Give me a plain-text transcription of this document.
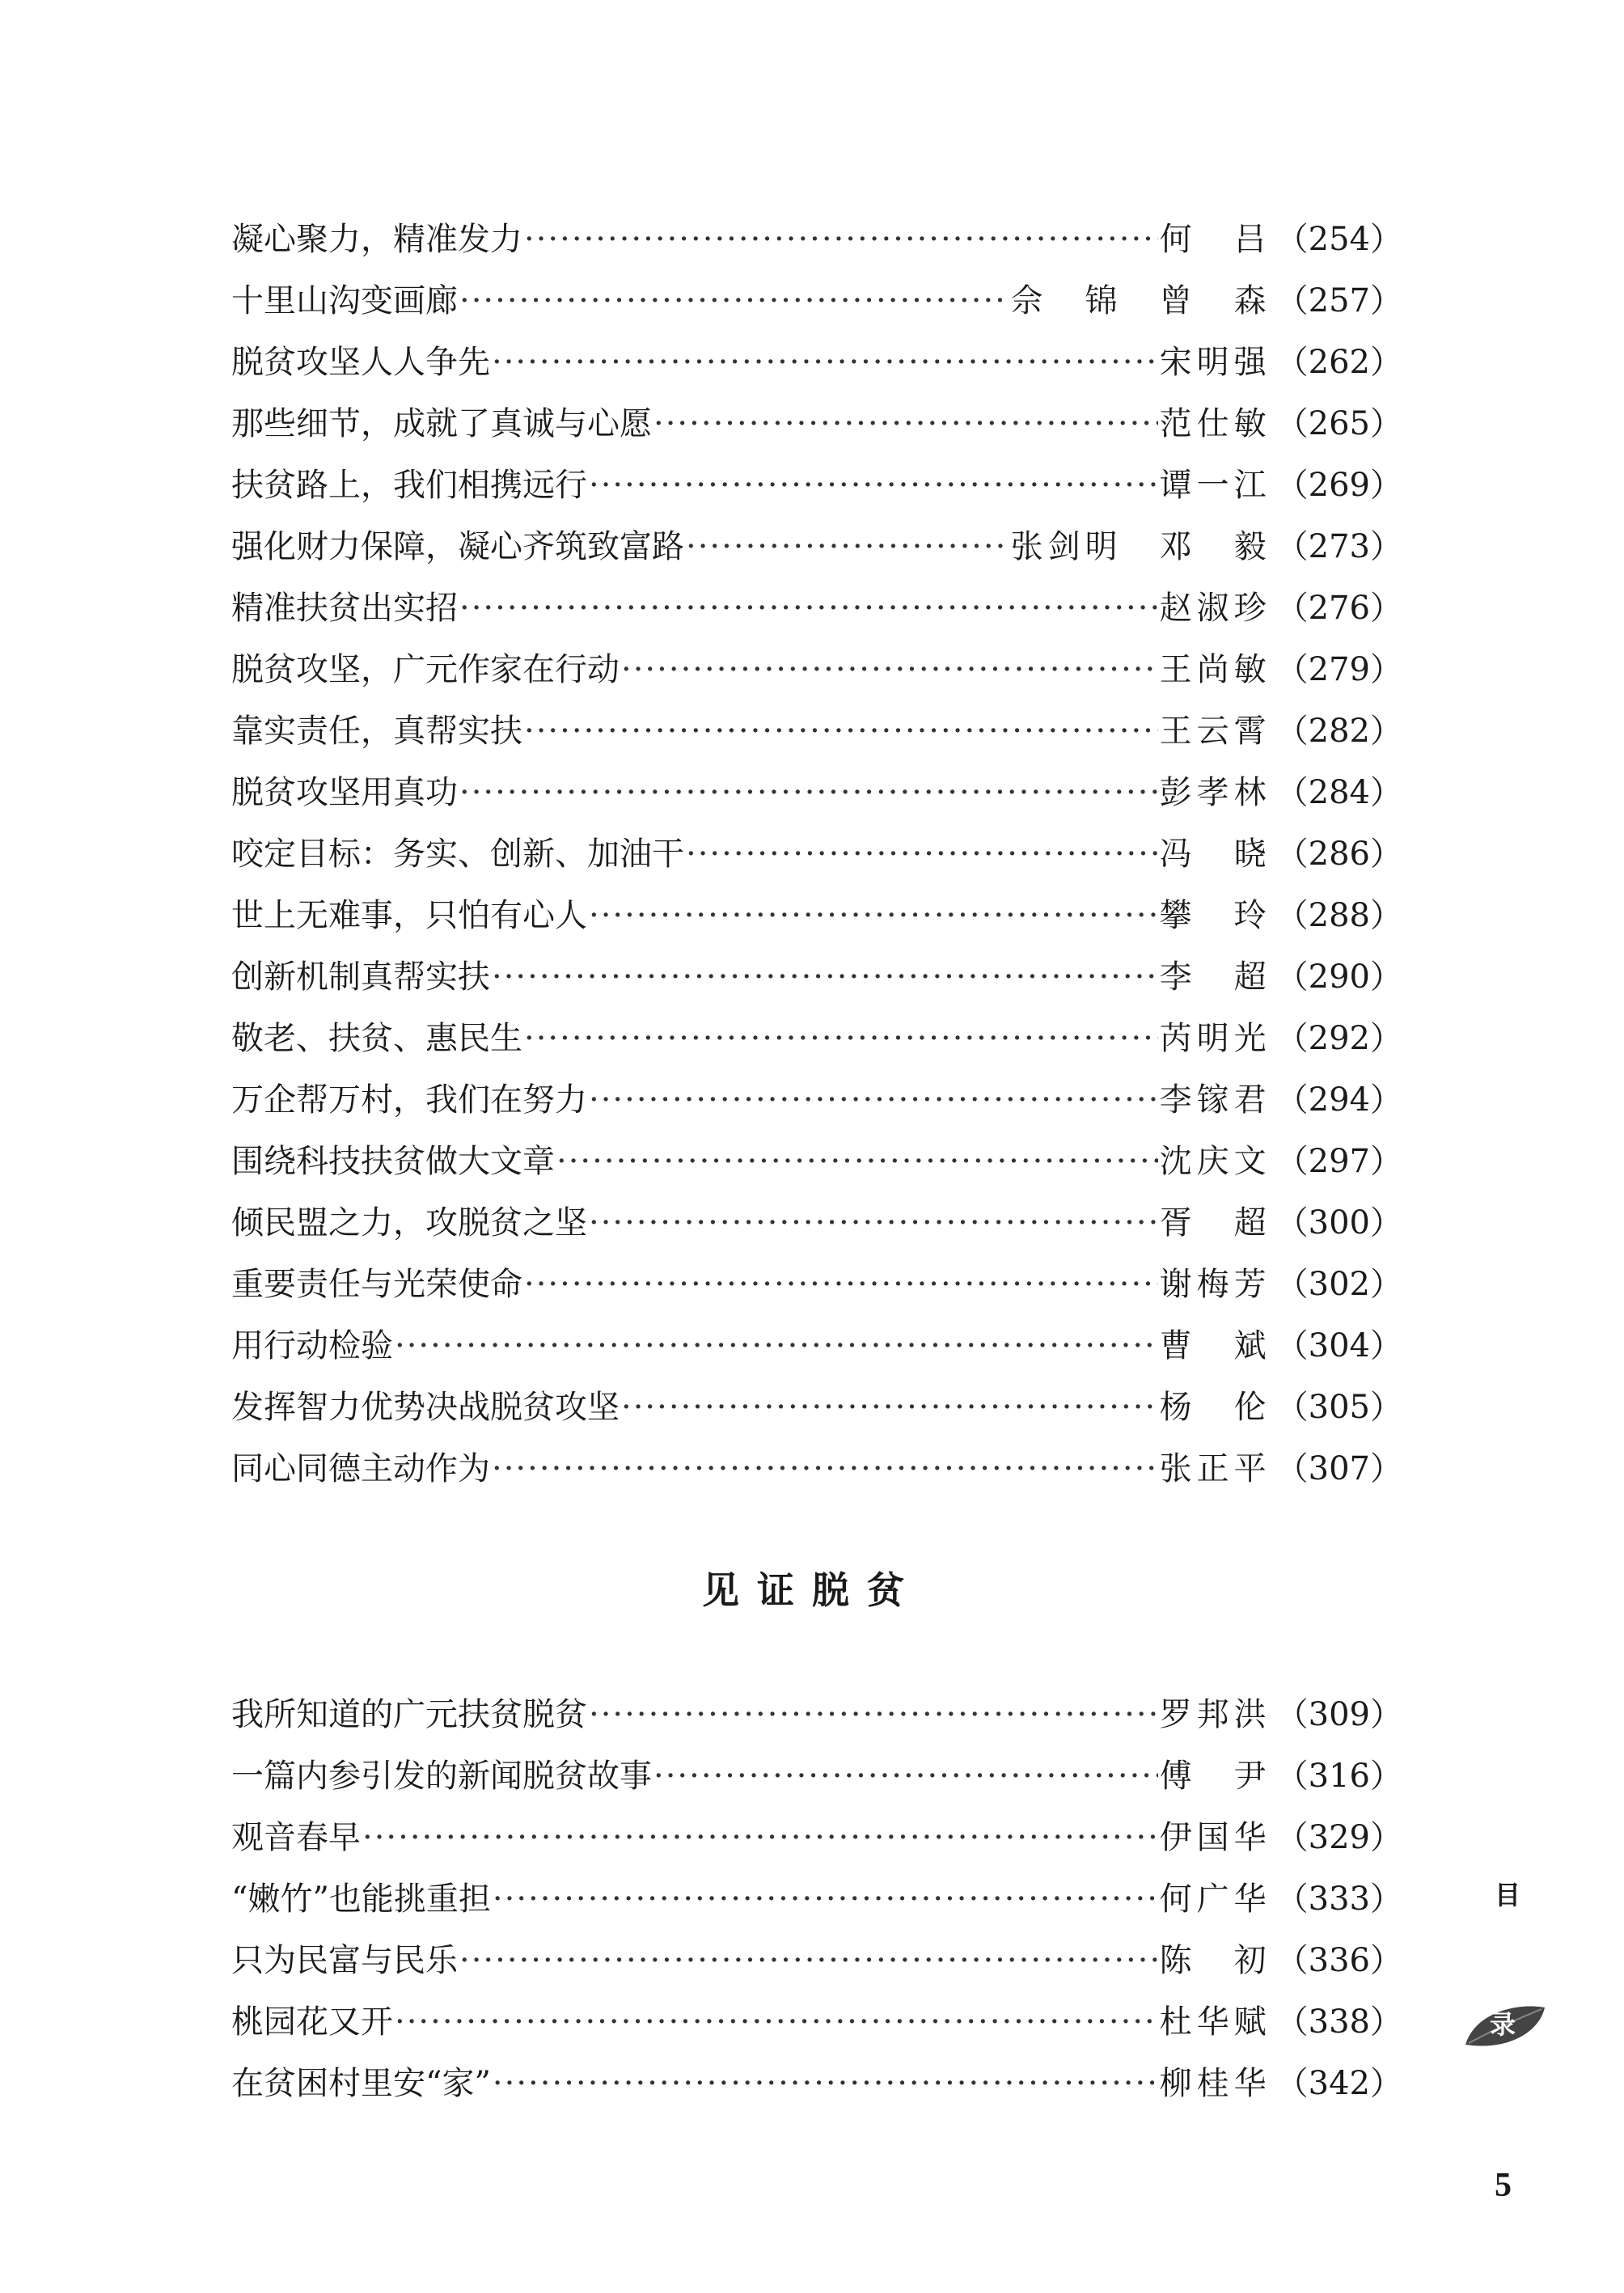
凝心聚力，精准发力 ·····	何　吕 （254）
十里山沟变画廊 ·····	佘　锦　曾　森 （257）
脱贫攻坚人人争先 ·····	宋明强 （262）
那些细节，成就了真诚与心愿 ·····	范仕敏 （265）
扶贫路上，我们相携远行 ·····	谭一江 （269）
强化财力保障，凝心齐筑致富路 ·····	张剑明　邓　毅 （273）
精准扶贫出实招 ·····	赵淑珍 （276）
脱贫攻坚，广元作家在行动 ·····	王尚敏 （279）
靠实责任，真帮实扶 ·····	王云霄 （282）
脱贫攻坚用真功 ·····	彭孝林 （284）
咬定目标：务实、创新、加油干 ·····	冯　晓 （286）
世上无难事，只怕有心人 ·····	攀　玲 （288）
创新机制真帮实扶 ·····	李　超 （290）
敬老、扶贫、惠民生 ·····	芮明光 （292）
万企帮万村，我们在努力 ·····	李镓君 （294）
围绕科技扶贫做大文章 ·····	沈庆文 （297）
倾民盟之力，攻脱贫之坚 ·····	胥　超 （300）
重要责任与光荣使命 ·····	谢梅芳 （302）
用行动检验 ·····	曹　斌 （304）
发挥智力优势决战脱贫攻坚 ·····	杨　伦 （305）
同心同德主动作为 ·····	张正平 （307）
见证脱贫
我所知道的广元扶贫脱贫 ·····	罗邦洪 （309）
一篇内参引发的新闻脱贫故事 ·····	傅　尹 （316）
观音春早 ·····	伊国华 （329）
“嫩竹”也能挑重担 ·····	何广华 （333）
只为民富与民乐 ·····	陈　初 （336）
桃园花又开 ·····	杜华赋 （338）
在贫困村里安“家” ·····	柳桂华 （342）
目
录
5
